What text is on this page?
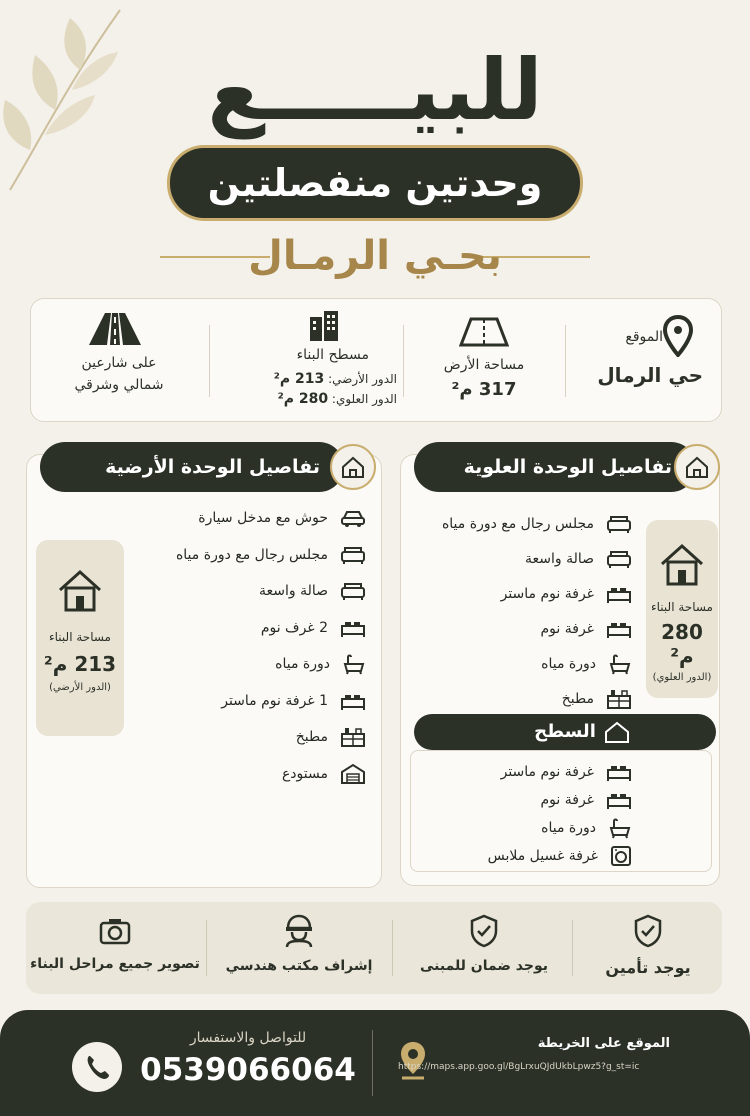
للبيـــــع
وحدتين منفصلتين
بحـي الرمـال
الموقع
حي الرمال
مساحة الأرض
317 م²
مسطح البناء
الدور الأرضي: 213 م²
الدور العلوي: 280 م²
على شارعين
شمالي وشرقي
تفاصيل الوحدة العلوية
مجلس رجال مع دورة مياه
صالة واسعة
غرفة نوم ماستر
غرفة نوم
دورة مياه
مطبخ
مساحة البناء
280 م²
(الدور العلوي)
السطح
غرفة نوم ماستر
غرفة نوم
دورة مياه
غرفة غسيل ملابس
تفاصيل الوحدة الأرضية
حوش مع مدخل سيارة
مجلس رجال مع دورة مياه
صالة واسعة
2 غرف نوم
دورة مياه
1 غرفة نوم ماستر
مطبخ
مستودع
مساحة البناء
213 م²
(الدور الأرضي)
يوجد تأمين
يوجد ضمان للمبنى
إشراف مكتب هندسي
تصوير جميع مراحل البناء
للتواصل والاستفسار
0539066064
الموقع على الخريطة
https://maps.app.goo.gl/BgLrxuQJdUkbLpwz5?g_st=ic
